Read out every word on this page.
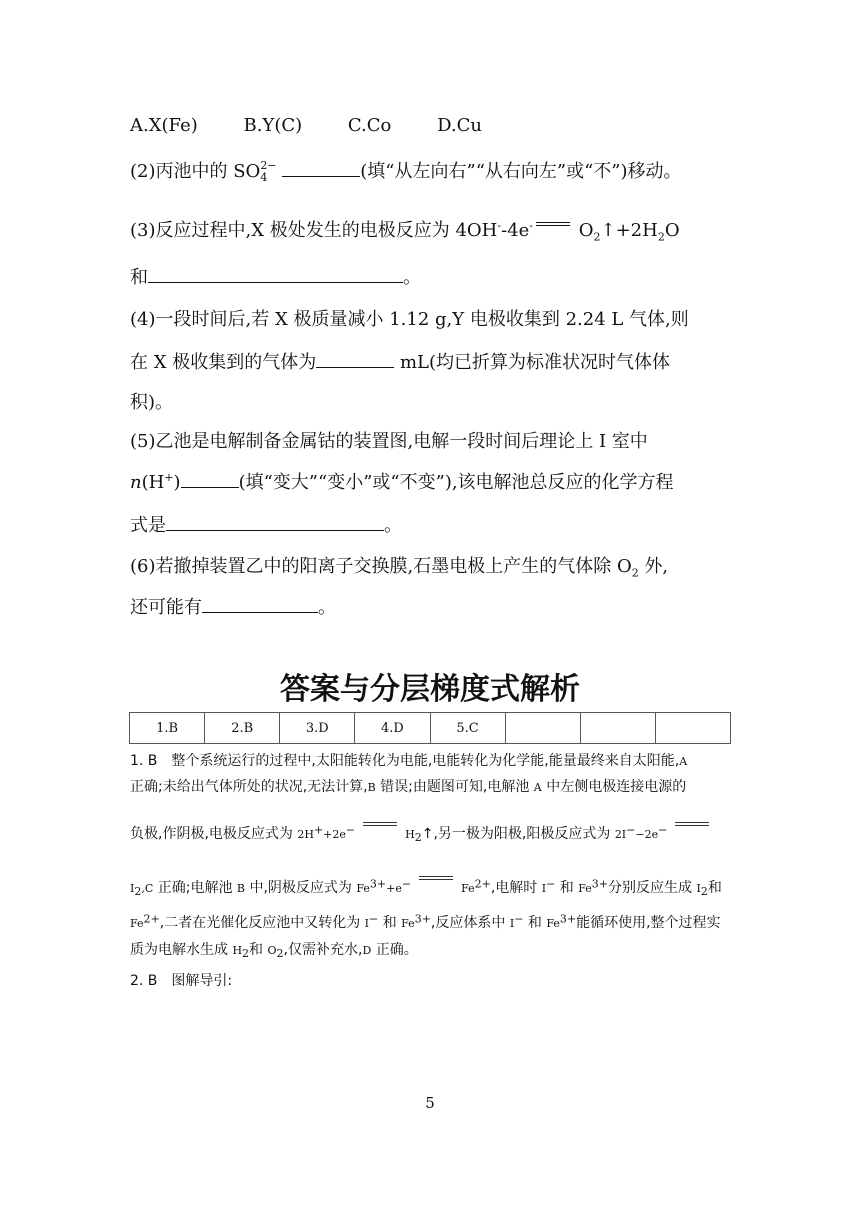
A.X(Fe)	B.Y(C)	C.Co	D.Cu
(2)丙池中的 SO 2−
4	(填“从左向右”“从右向左”或“不”)移动。
(3)反应过程中,X 极处发生的电极反应为 4OH--4e- $O_2↑+2H_2O$
和	。
(4)一段时间后,若 X 极质量减小 1.12 g,Y 电极收集到 2.24 L 气体,则
在 X 极收集到的气体为	mL(均已折算为标准状况时气体体
积)。
(5)乙池是电解制备金属钴的装置图,电解一段时间后理论上 I 室中
n(H+)	(填“变大”“变小”或“不变”),该电解池总反应的化学方程
式是	。
(6)若撤掉装置乙中的阳离子交换膜,石墨电极上产生的气体除 $O_2$ 外,
还可能有	。
答案与分层梯度式解析
1.B	2.B	3.D	4.D	5.C			
1. B　整个系统运行的过程中,太阳能转化为电能,电能转化为化学能,能量最终来自太阳能,A
正确;未给出气体所处的状况,无法计算,B 错误;由题图可知,电解池 A 中左侧电极连接电源的
负极,作阴极,电极反应式为 2H++2e−	$H_2↑$,另一极为阳极,阳极反应式为 2I−−2e−
$I_2,C$ 正确;电解池 B 中,阴极反应式为 $Fe^{3+}+e^-$	$Fe^{2+}$,电解时 I− 和 $Fe^{3+}$分别反应生成 $I_2$和
$Fe^{2+}$,二者在光催化反应池中又转化为 I− 和 $Fe^{3+}$,反应体系中 I− 和 $Fe^{3+}$能循环使用,整个过程实
质为电解水生成 $H_2$和 $O_2$,仅需补充水,D 正确。
2. B　图解导引:
5
